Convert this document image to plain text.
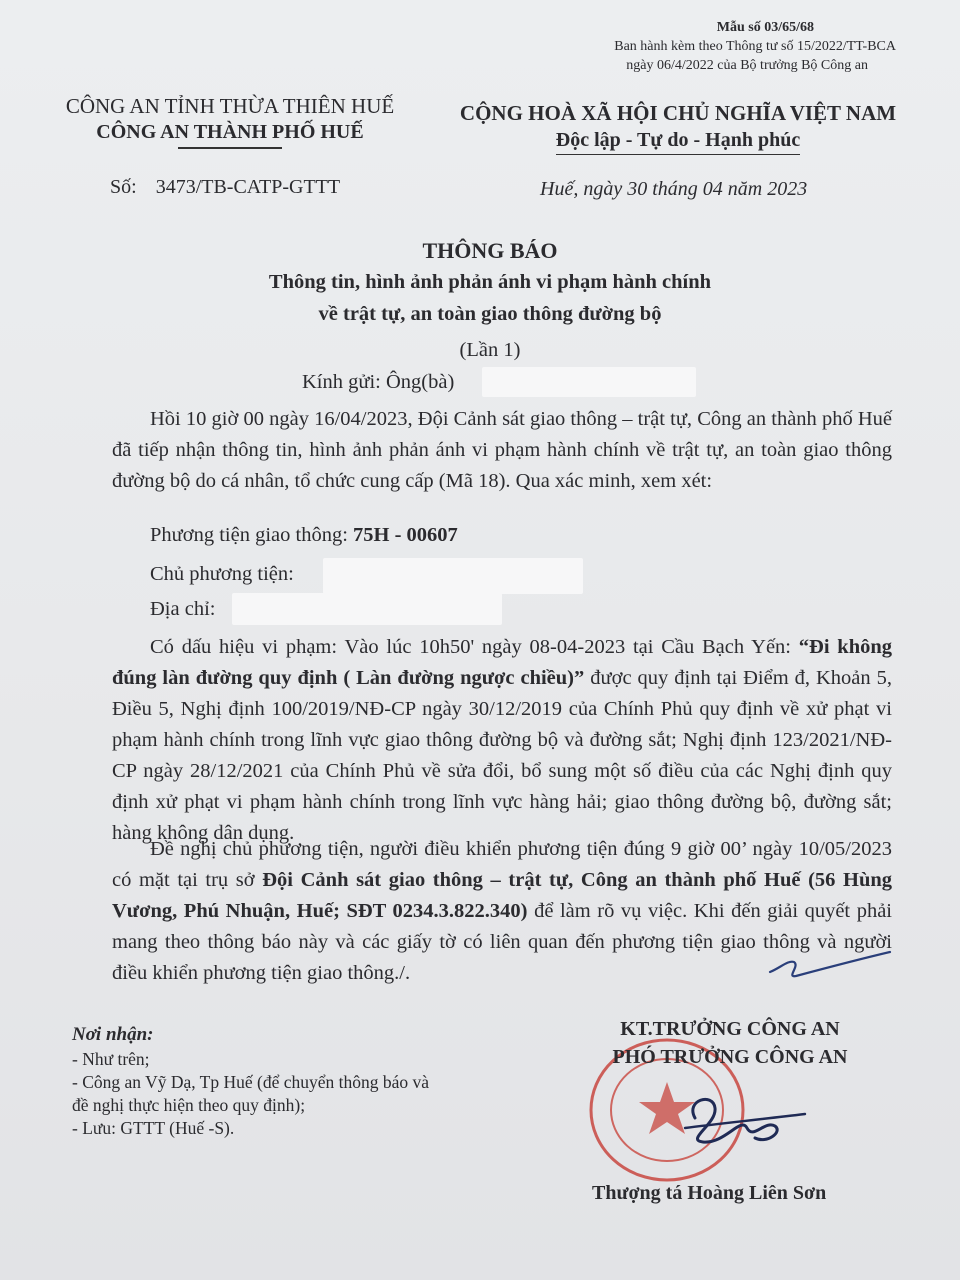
Mẫu số 03/65/68
Ban hành kèm theo Thông tư số 15/2022/TT-BCA
ngày 06/4/2022 của Bộ trưởng Bộ Công an
CÔNG AN TỈNH THỪA THIÊN HUẾ
CÔNG AN THÀNH PHỐ HUẾ
Số: 3473/TB-CATP-GTTT
CỘNG HOÀ XÃ HỘI CHỦ NGHĨA VIỆT NAM
Độc lập - Tự do - Hạnh phúc
Huế, ngày 30 tháng 04 năm 2023
THÔNG BÁO
Thông tin, hình ảnh phản ánh vi phạm hành chính
về trật tự, an toàn giao thông đường bộ
(Lần 1)
Kính gửi: Ông(bà)

Hồi 10 giờ 00 ngày 16/04/2023, Đội Cảnh sát giao thông – trật tự, Công an thành phố Huế đã tiếp nhận thông tin, hình ảnh phản ánh vi phạm hành chính về trật tự, an toàn giao thông đường bộ do cá nhân, tổ chức cung cấp (Mã 18). Qua xác minh, xem xét:

Phương tiện giao thông: 75H - 00607
Chủ phương tiện:
Địa chỉ:

Có dấu hiệu vi phạm: Vào lúc 10h50' ngày 08-04-2023 tại Cầu Bạch Yến: “Đi không đúng làn đường quy định ( Làn đường ngược chiều)” được quy định tại Điểm đ, Khoản 5, Điều 5, Nghị định 100/2019/NĐ-CP ngày 30/12/2019 của Chính Phủ quy định về xử phạt vi phạm hành chính trong lĩnh vực giao thông đường bộ và đường sắt; Nghị định 123/2021/NĐ-CP ngày 28/12/2021 của Chính Phủ về sửa đổi, bổ sung một số điều của các Nghị định quy định xử phạt vi phạm hành chính trong lĩnh vực hàng hải; giao thông đường bộ, đường sắt; hàng không dân dụng.

Đề nghị chủ phương tiện, người điều khiển phương tiện đúng 9 giờ 00’ ngày 10/05/2023 có mặt tại trụ sở Đội Cảnh sát giao thông – trật tự, Công an thành phố Huế (56 Hùng Vương, Phú Nhuận, Huế; SĐT 0234.3.822.340) để làm rõ vụ việc. Khi đến giải quyết phải mang theo thông báo này và các giấy tờ có liên quan đến phương tiện giao thông và người điều khiển phương tiện giao thông./.

Nơi nhận:
- Như trên;
- Công an Vỹ Dạ, Tp Huế (để chuyển thông báo và
đề nghị thực hiện theo quy định);
- Lưu: GTTT (Huế -S).
KT.TRƯỞNG CÔNG AN
PHÓ TRƯỞNG CÔNG AN
Thượng tá Hoàng Liên Sơn
